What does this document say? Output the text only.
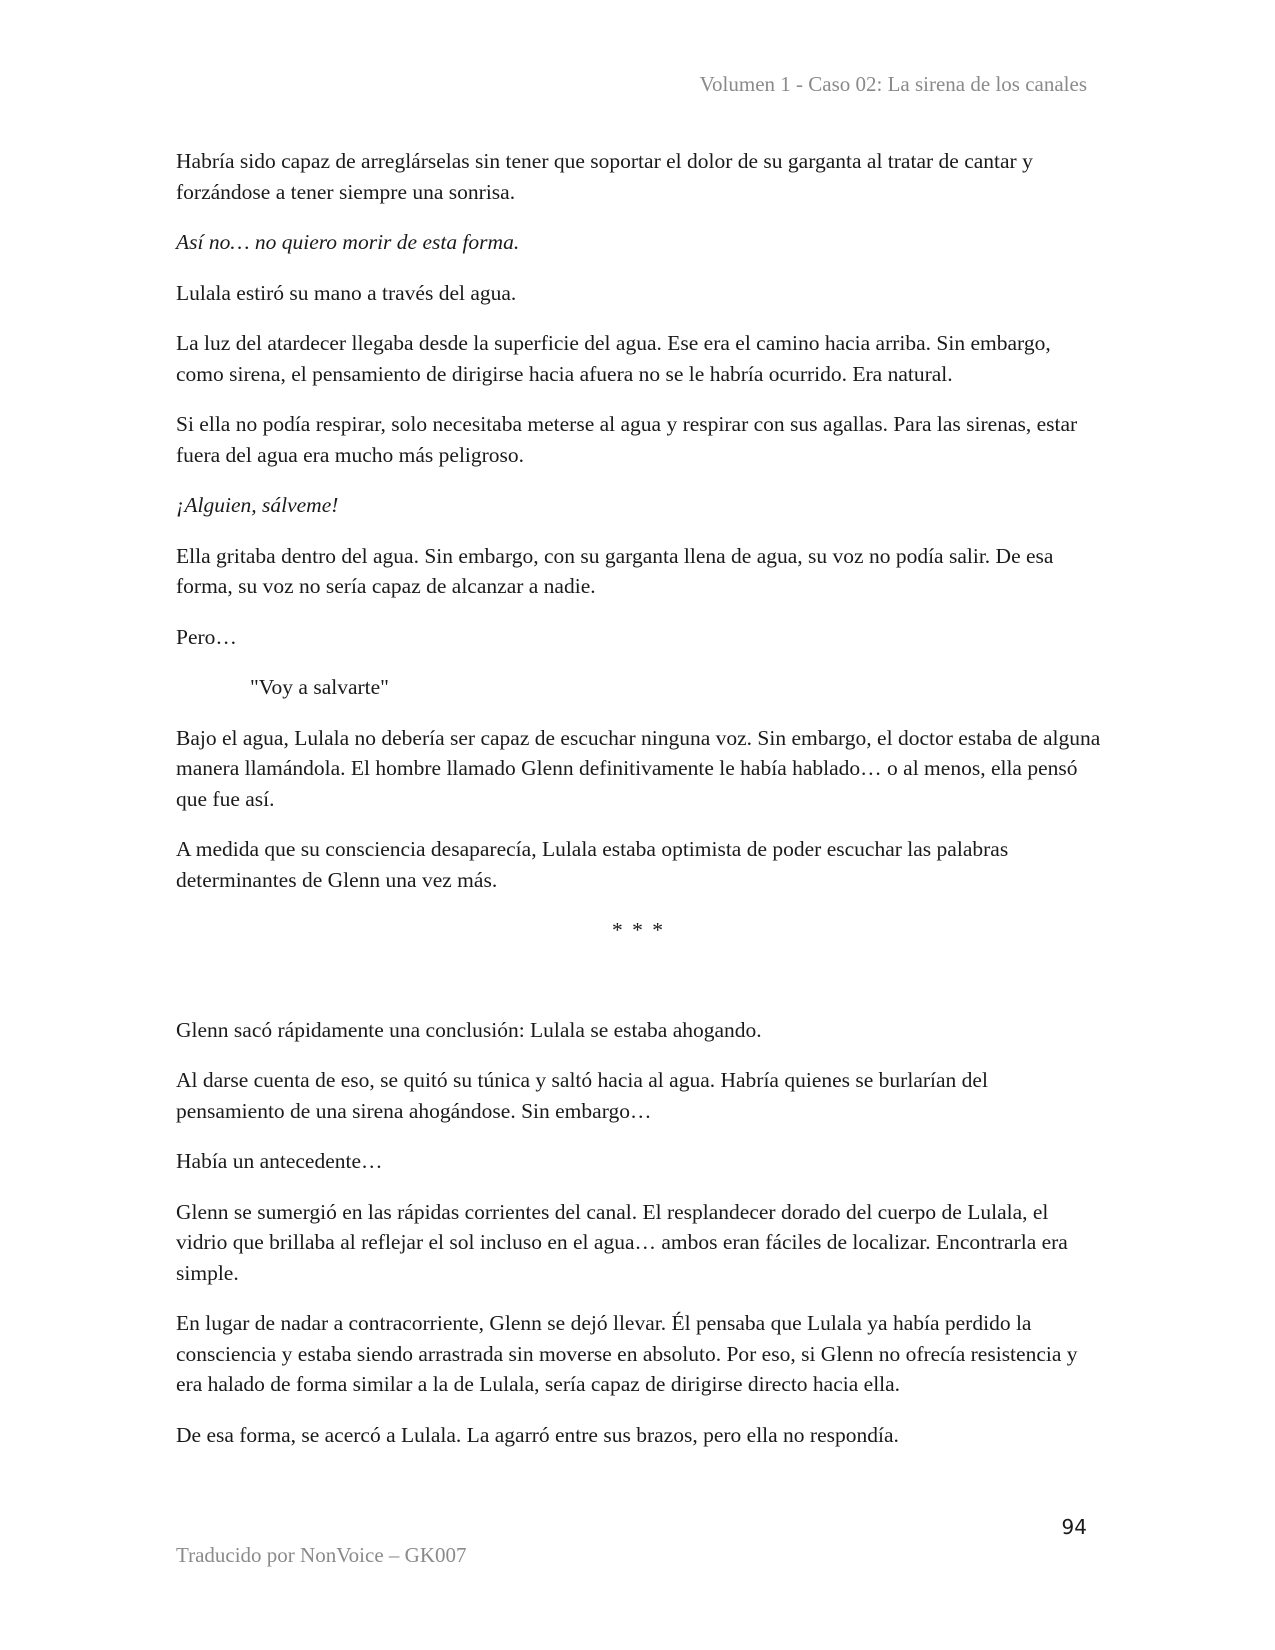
Volumen 1 - Caso 02: La sirena de los canales

Habría sido capaz de arreglárselas sin tener que soportar el dolor de su garganta al tratar de cantar y forzándose a tener siempre una sonrisa.

Así no… no quiero morir de esta forma.

Lulala estiró su mano a través del agua.

La luz del atardecer llegaba desde la superficie del agua. Ese era el camino hacia arriba. Sin embargo, como sirena, el pensamiento de dirigirse hacia afuera no se le habría ocurrido. Era natural.

Si ella no podía respirar, solo necesitaba meterse al agua y respirar con sus agallas. Para las sirenas, estar fuera del agua era mucho más peligroso.

¡Alguien, sálveme!

Ella gritaba dentro del agua. Sin embargo, con su garganta llena de agua, su voz no podía salir. De esa forma, su voz no sería capaz de alcanzar a nadie.

Pero…

"Voy a salvarte"

Bajo el agua, Lulala no debería ser capaz de escuchar ninguna voz. Sin embargo, el doctor estaba de alguna manera llamándola. El hombre llamado Glenn definitivamente le había hablado… o al menos, ella pensó que fue así.

A medida que su consciencia desaparecía, Lulala estaba optimista de poder escuchar las palabras determinantes de Glenn una vez más.

* * *

Glenn sacó rápidamente una conclusión: Lulala se estaba ahogando.

Al darse cuenta de eso, se quitó su túnica y saltó hacia al agua. Habría quienes se burlarían del pensamiento de una sirena ahogándose. Sin embargo…

Había un antecedente…

Glenn se sumergió en las rápidas corrientes del canal. El resplandecer dorado del cuerpo de Lulala, el vidrio que brillaba al reflejar el sol incluso en el agua… ambos eran fáciles de localizar. Encontrarla era simple.

En lugar de nadar a contracorriente, Glenn se dejó llevar. Él pensaba que Lulala ya había perdido la consciencia y estaba siendo arrastrada sin moverse en absoluto. Por eso, si Glenn no ofrecía resistencia y era halado de forma similar a la de Lulala, sería capaz de dirigirse directo hacia ella.

De esa forma, se acercó a Lulala. La agarró entre sus brazos, pero ella no respondía.

94
Traducido por NonVoice – GK007
